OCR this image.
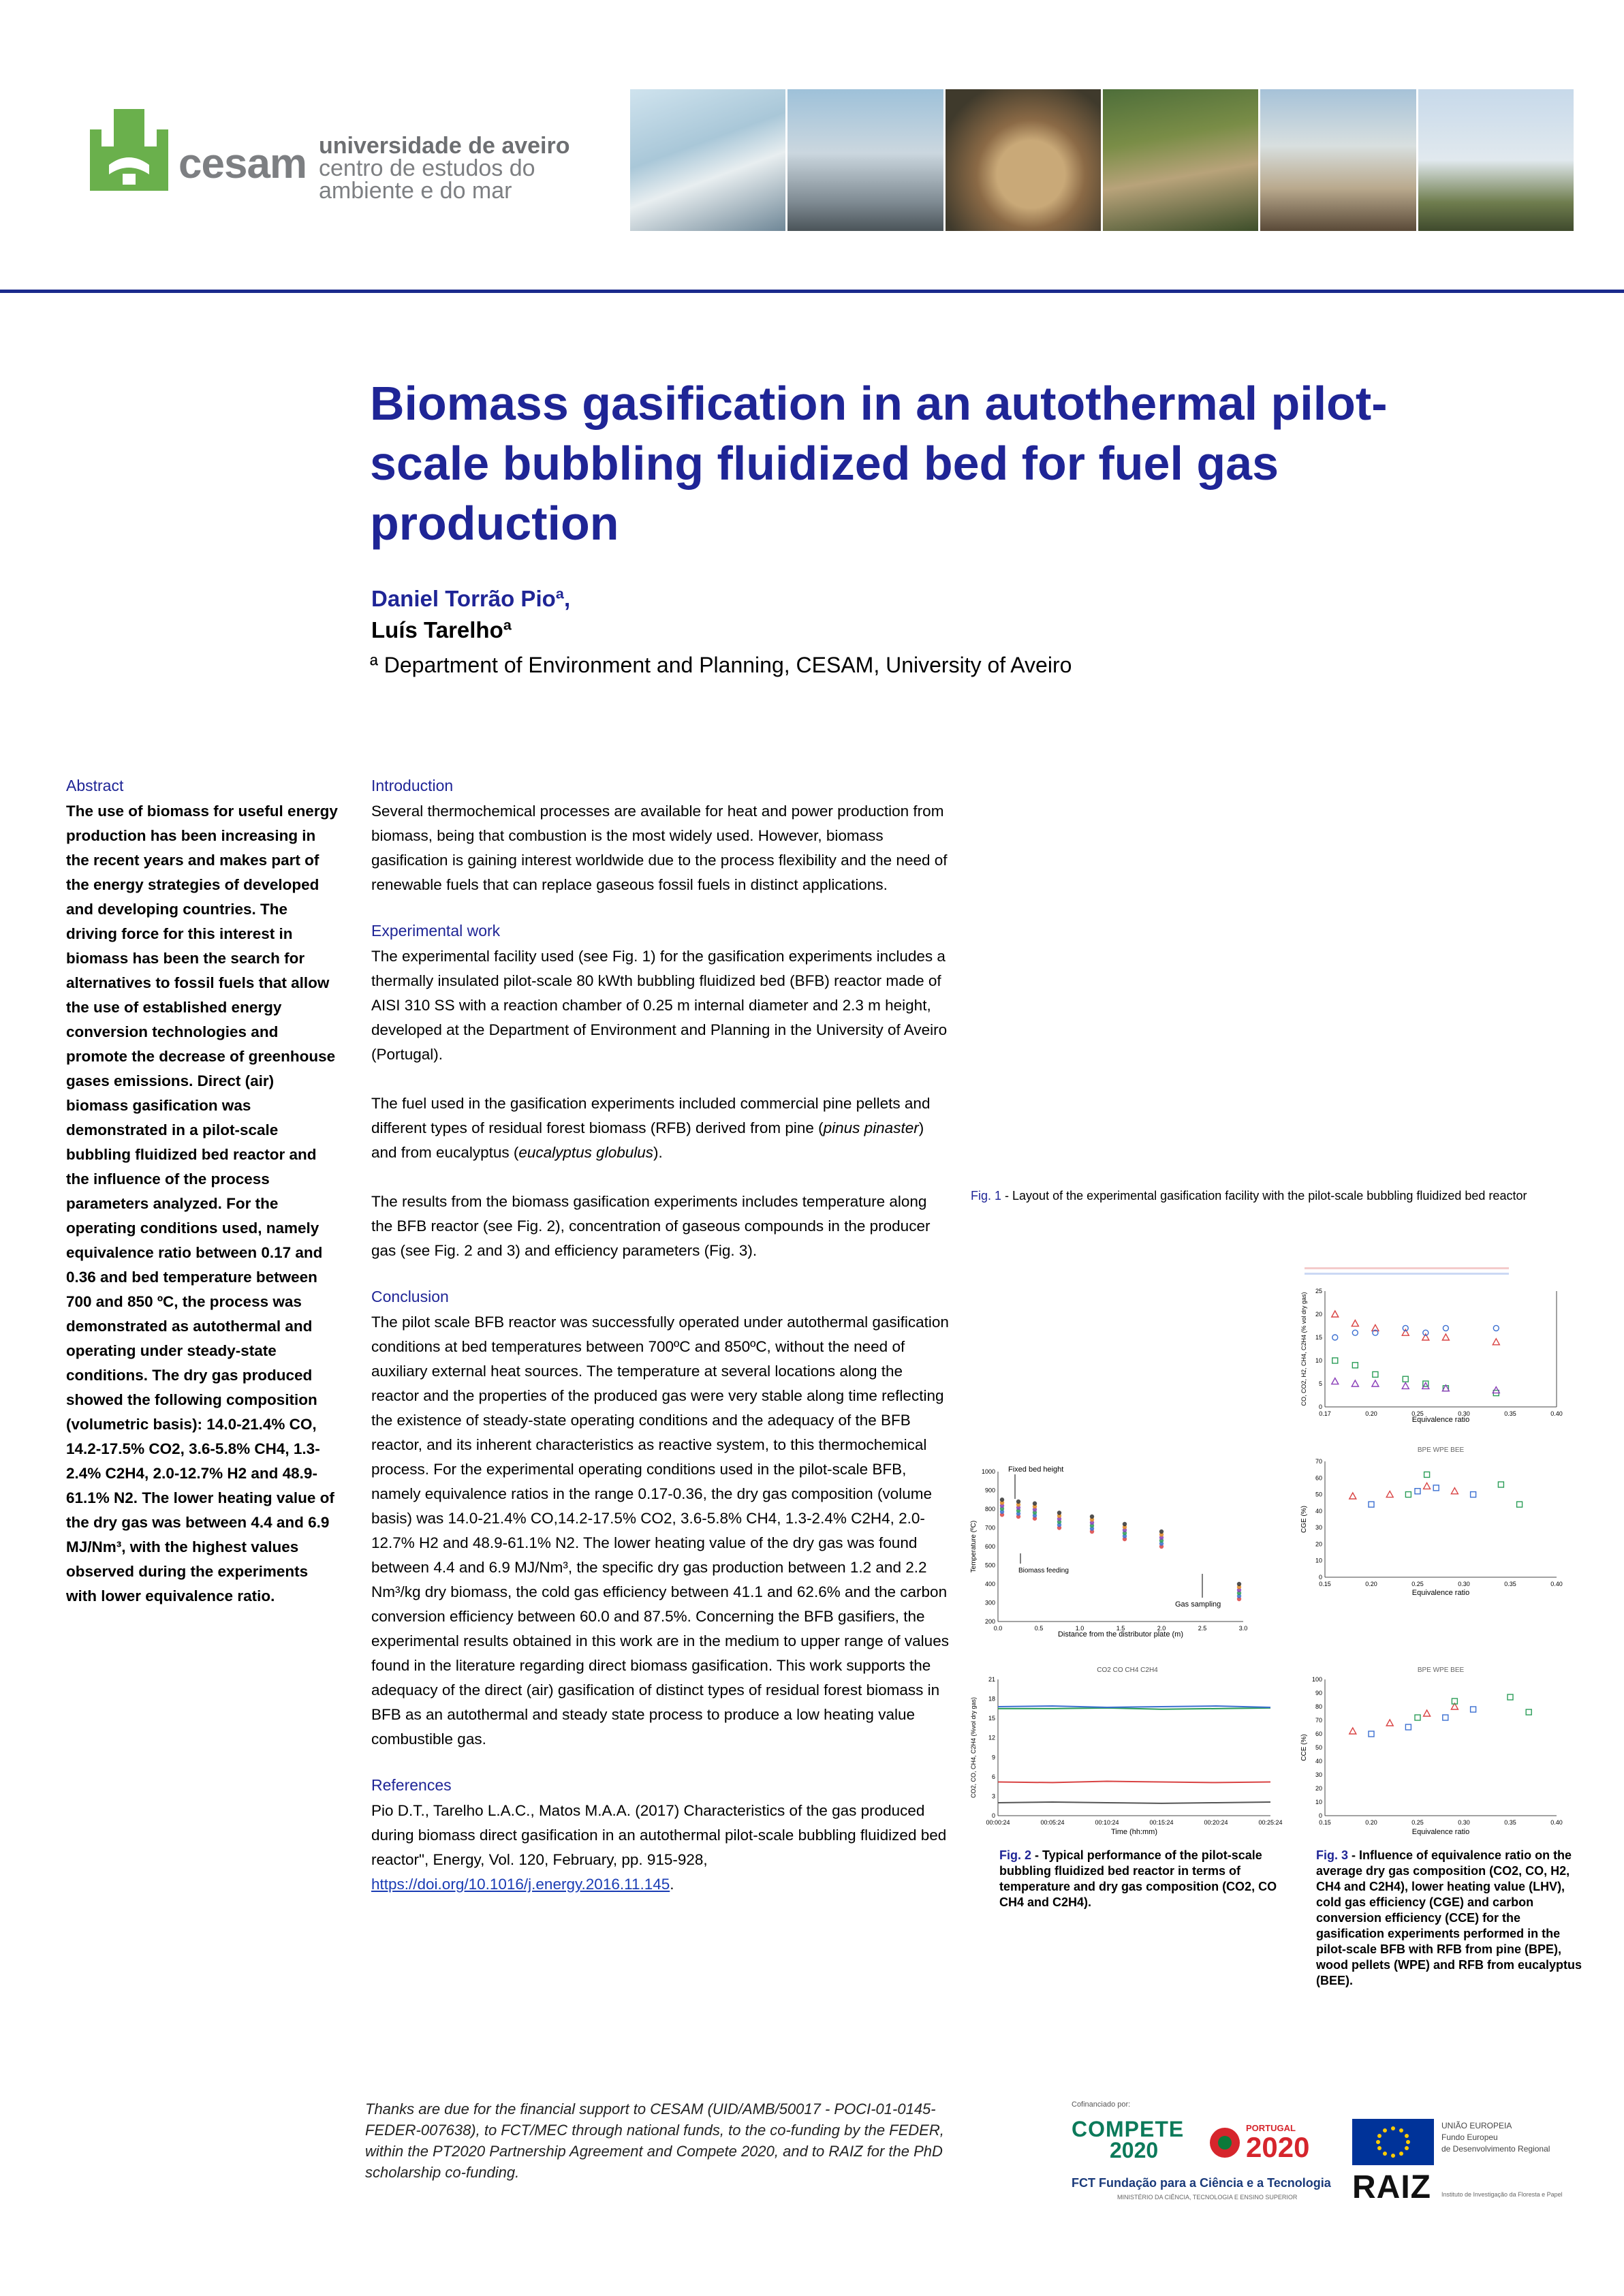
cesam universidade de aveiro
centro de estudos do
ambiente e do mar
Biomass gasification in an autothermal pilot-scale bubbling fluidized bed for fuel gas production
Daniel Torrão Pioª,
Luís Tarelhoª
ª Department of Environment and Planning, CESAM, University of Aveiro
Abstract

The use of biomass for useful energy production has been increasing in the recent years and makes part of the energy strategies of developed and developing countries. The driving force for this interest in biomass has been the search for alternatives to fossil fuels that allow the use of established energy conversion technologies and promote the decrease of greenhouse gases emissions. Direct (air) biomass gasification was demonstrated in a pilot-scale bubbling fluidized bed reactor and the influence of the process parameters analyzed. For the operating conditions used, namely equivalence ratio between 0.17 and 0.36 and bed temperature between 700 and 850 ºC, the process was demonstrated as autothermal and operating under steady-state conditions. The dry gas produced showed the following composition (volumetric basis): 14.0-21.4% CO, 14.2-17.5% CO2, 3.6-5.8% CH4, 1.3-2.4% C2H4, 2.0-12.7% H2 and 48.9-61.1% N2. The lower heating value of the dry gas was between 4.4 and 6.9 MJ/Nm³, with the highest values observed during the experiments with lower equivalence ratio.

Introduction

Several thermochemical processes are available for heat and power production from biomass, being that combustion is the most widely used. However, biomass gasification is gaining interest worldwide due to the process flexibility and the need of renewable fuels that can replace gaseous fossil fuels in distinct applications.

Experimental work

The experimental facility used (see Fig. 1) for the gasification experiments includes a thermally insulated pilot-scale 80 kWth bubbling fluidized bed (BFB) reactor made of AISI 310 SS with a reaction chamber of 0.25 m internal diameter and 2.3 m height, developed at the Department of Environment and Planning in the University of Aveiro (Portugal).

The fuel used in the gasification experiments included commercial pine pellets and different types of residual forest biomass (RFB) derived from pine (pinus pinaster) and from eucalyptus (eucalyptus globulus).

The results from the biomass gasification experiments includes temperature along the BFB reactor (see Fig. 2), concentration of gaseous compounds in the producer gas (see Fig. 2 and 3) and efficiency parameters (Fig. 3).

Conclusion

The pilot scale BFB reactor was successfully operated under autothermal gasification conditions at bed temperatures between 700ºC and 850ºC, without the need of auxiliary external heat sources. The temperature at several locations along the reactor and the properties of the produced gas were very stable along time reflecting the existence of steady-state operating conditions and the adequacy of the BFB reactor, and its inherent characteristics as reactive system, to this thermochemical process. For the experimental operating conditions used in the pilot-scale BFB, namely equivalence ratios in the range 0.17-0.36, the dry gas composition (volume basis) was 14.0-21.4% CO,14.2-17.5% CO2, 3.6-5.8% CH4, 1.3-2.4% C2H4, 2.0-12.7% H2 and 48.9-61.1% N2. The lower heating value of the dry gas was found between 4.4 and 6.9 MJ/Nm³, the specific dry gas production between 1.2 and 2.2 Nm³/kg dry biomass, the cold gas efficiency between 41.1 and 62.6% and the carbon conversion efficiency between 60.0 and 87.5%. Concerning the BFB gasifiers, the experimental results obtained in this work are in the medium to upper range of values found in the literature regarding direct biomass gasification. This work supports the adequacy of the direct (air) gasification of distinct types of residual forest biomass in BFB as an autothermal and steady state process to produce a low heating value combustible gas.

References

Pio D.T., Tarelho L.A.C., Matos M.A.A. (2017) Characteristics of the gas produced during biomass direct gasification in an autothermal pilot-scale bubbling fluidized bed reactor", Energy, Vol. 120, February, pp. 915-928,
https://doi.org/10.1016/j.energy.2016.11.145.

Fig. 1 - Layout of the experimental gasification facility with the pilot-scale bubbling fluidized bed reactor
0.17	0.20	0.25	0.30	0.35	0.40
0
5
10
15
20
25
Equivalence ratio
CO, CO2, H2, CH4, C2H4 (% vol dry gas)
BPE WPE BEE
0.15	0.20	0.25	0.30	0.35	0.40
0
10
20
30
40
50
60
70
Equivalence ratio
CGE (%)
0.0	0.5	1.0	1.5	2.0	2.5	3.0
200
300
400
500
600
700
800
900
1000 Fixed bed height
Biomass feeding
Gas sampling
Distance from the distributor plate (m)
Temperature (ºC)
CO2 CO CH4 C2H4
00:00:24	00:05:24	00:10:24	00:15:24	00:20:24	00:25:24
0
3
6
9
12
15
18
21
Time (hh:mm)
CO2, CO, CH4, C2H4 (%vol dry gas)
BPE WPE BEE
0.15	0.20	0.25	0.30	0.35	0.40
0
10
20
30
40
50
60
70
80
90
100
Equivalence ratio
CCE (%)
Fig. 2 - Typical performance of the pilot-scale bubbling fluidized bed reactor in terms of temperature and dry gas composition (CO2, CO CH4 and C2H4).
Fig. 3 - Influence of equivalence ratio on the average dry gas composition (CO2, CO, H2, CH4 and C2H4), lower heating value (LHV), cold gas efficiency (CGE) and carbon conversion efficiency (CCE) for the gasification experiments performed in the pilot-scale BFB with RFB from pine (BPE), wood pellets (WPE) and RFB from eucalyptus (BEE).
Thanks are due for the financial support to CESAM (UID/AMB/50017 - POCI-01-0145-FEDER-007638), to FCT/MEC through national funds, to the co-funding by the FEDER, within the PT2020 Partnership Agreement and Compete 2020, and to RAIZ for the PhD scholarship co-funding.
Cofinanciado por:
COMPETE
2020
PORTUGAL
2020
UNIÃO EUROPEIA
Fundo Europeu
de Desenvolvimento Regional
FCT Fundação para a Ciência e a Tecnologia
MINISTÉRIO DA CIÊNCIA, TECNOLOGIA E ENSINO SUPERIOR RAIZ Instituto de Investigação da Floresta e Papel
